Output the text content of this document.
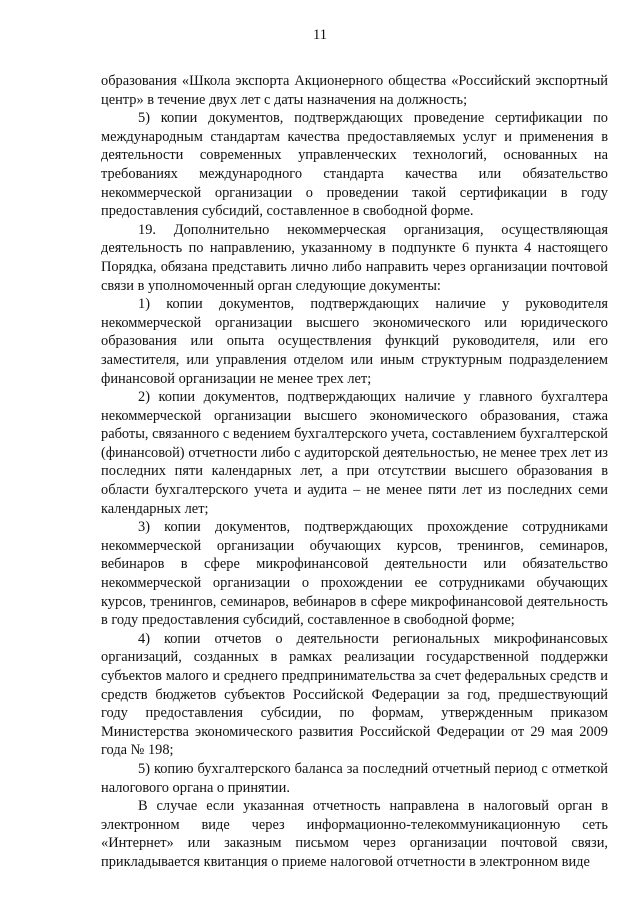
11

образования «Школа экспорта Акционерного общества «Российский экспортный центр» в течение двух лет с даты назначения на должность;

5) копии документов, подтверждающих проведение сертификации по международным стандартам качества предоставляемых услуг и применения в деятельности современных управленческих технологий, основанных на требованиях международного стандарта качества или обязательство некоммерческой организации о проведении такой сертификации в году предоставления субсидий, составленное в свободной форме.

19. Дополнительно некоммерческая организация, осуществляющая деятельность по направлению, указанному в подпункте 6 пункта 4 настоящего Порядка, обязана представить лично либо направить через организации почтовой связи в уполномоченный орган следующие документы:

1) копии документов, подтверждающих наличие у руководителя некоммерческой организации высшего экономического или юридического образования или опыта осуществления функций руководителя, или его заместителя, или управления отделом или иным структурным подразделением финансовой организации не менее трех лет;

2) копии документов, подтверждающих наличие у главного бухгалтера некоммерческой организации высшего экономического образования, стажа работы, связанного с ведением бухгалтерского учета, составлением бухгалтерской (финансовой) отчетности либо с аудиторской деятельностью, не менее трех лет из последних пяти календарных лет, а при отсутствии высшего образования в области бухгалтерского учета и аудита – не менее пяти лет из последних семи календарных лет;

3) копии документов, подтверждающих прохождение сотрудниками некоммерческой организации обучающих курсов, тренингов, семинаров, вебинаров в сфере микрофинансовой деятельности или обязательство некоммерческой организации о прохождении ее сотрудниками обучающих курсов, тренингов, семинаров, вебинаров в сфере микрофинансовой деятельность в году предоставления субсидий, составленное в свободной форме;

4) копии отчетов о деятельности региональных микрофинансовых организаций, созданных в рамках реализации государственной поддержки субъектов малого и среднего предпринимательства за счет федеральных средств и средств бюджетов субъектов Российской Федерации за год, предшествующий году предоставления субсидии, по формам, утвержденным приказом Министерства экономического развития Российской Федерации от 29 мая 2009 года № 198;

5) копию бухгалтерского баланса за последний отчетный период с отметкой налогового органа о принятии.

В случае если указанная отчетность направлена в налоговый орган в электронном виде через информационно-телекоммуникационную сеть «Интернет» или заказным письмом через организации почтовой связи, прикладывается квитанция о приеме налоговой отчетности в электронном виде
